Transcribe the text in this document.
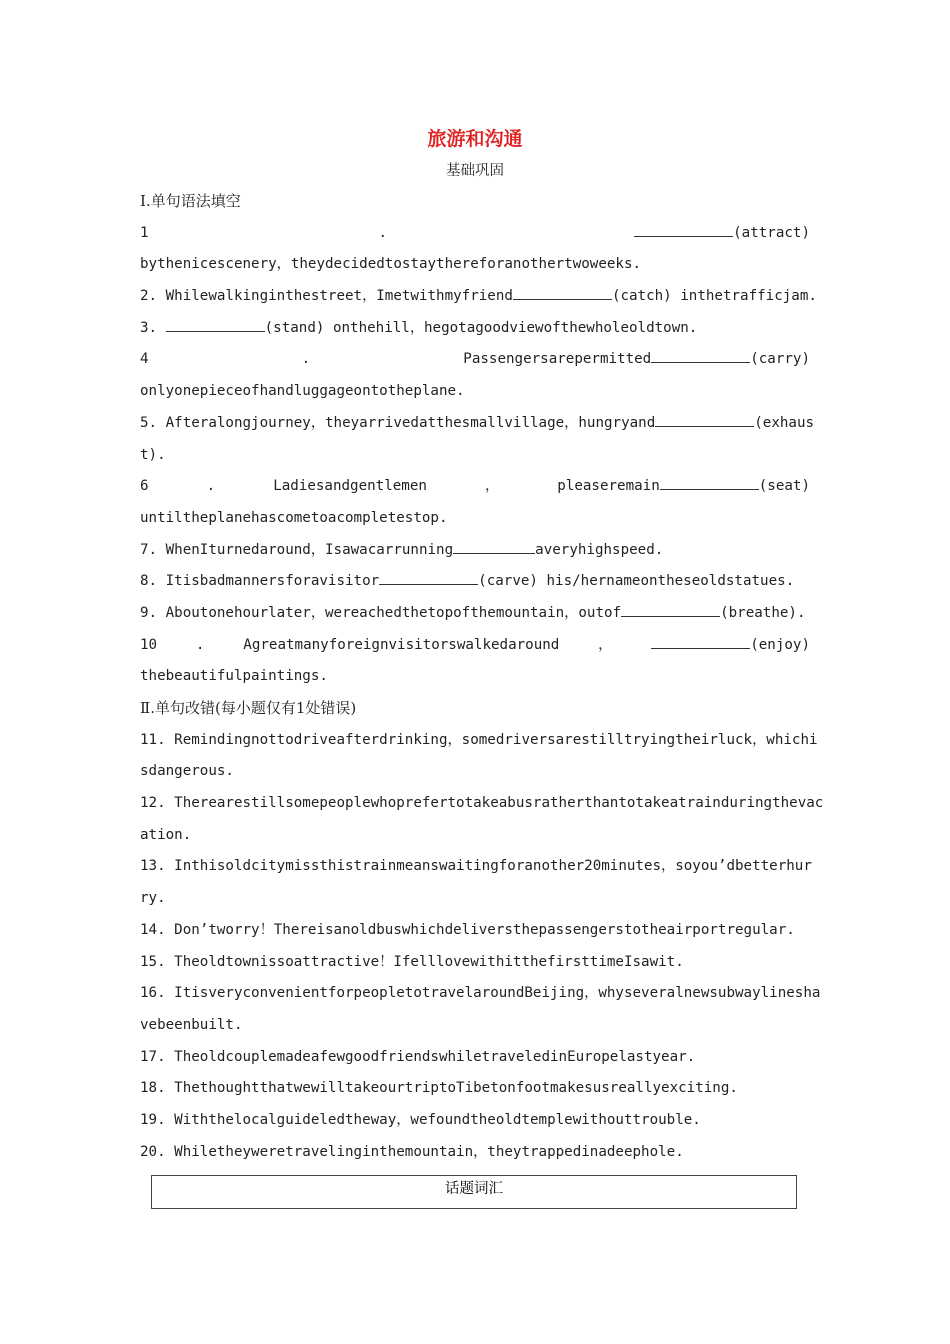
旅游和沟通
基础巩固
Ⅰ.单句语法填空
1	.	(attract)
bythenicescenery，theydecidedtostaythereforanothertwoweeks.
2. Whilewalkinginthestreet，Imetwithmyfriend	(catch) inthetrafficjam.
3.	(stand) onthehill，hegotagoodviewofthewholeoldtown.
4	.	Passengersarepermitted	(carry)
onlyonepieceofhandluggageontotheplane.
5. Afteralongjourney，theyarrivedatthesmallvillage，hungryand	(exhaus
t).
6	.	Ladiesandgentlemen	，	pleaseremain	(seat)
untiltheplanehascometoacompletestop.
7. WhenIturnedaround，Isawacarrunning	averyhighspeed.
8. Itisbadmannersforavisitor	(carve) his/hernameontheseoldstatues.
9. Aboutonehourlater，wereachedthetopofthemountain，outof	(breathe).
10	.	Agreatmanyforeignvisitorswalkedaround	，	(enjoy)
thebeautifulpaintings.
Ⅱ.单句改错(每小题仅有1处错误)
11. Remindingnottodriveafterdrinking，somedriversarestilltryingtheirluck，whichi
sdangerous.
12. Therearestillsomepeoplewhoprefertotakeabusratherthantotakeatrainduringthevac
ation.
13. Inthisoldcitymissthistrainmeanswaitingforanother20minutes，soyou’dbetterhur
ry.
14. Don’tworry！Thereisanoldbuswhichdeliversthepassengerstotheairportregular.
15. Theoldtownissoattractive！IfelllovewithitthefirsttimeIsawit.
16. ItisveryconvenientforpeopletotravelaroundBeijing，whyseveralnewsubwaylinesha
vebeenbuilt.
17. TheoldcouplemadeafewgoodfriendswhiletraveledinEuropelastyear.
18. ThethoughtthatwewilltakeourtriptoTibetonfootmakesusreallyexciting.
19. Withthelocalguideledtheway，wefoundtheoldtemplewithouttrouble.
20. Whiletheyweretravelinginthemountain，theytrappedinadeephole.
话题词汇
